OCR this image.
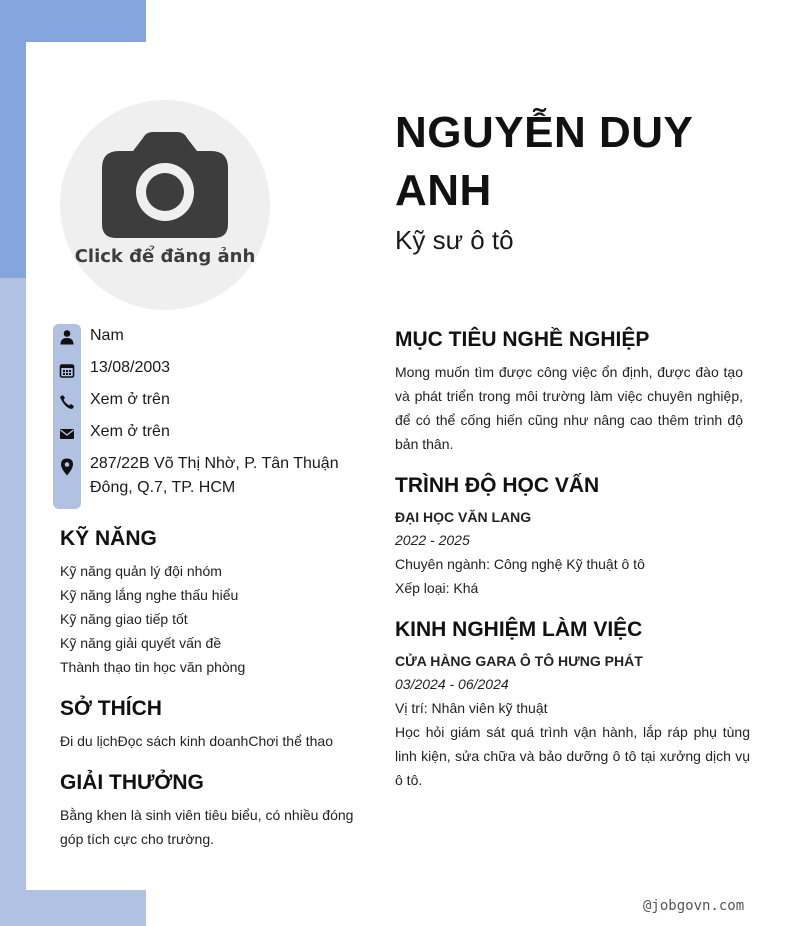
Click để đăng ảnh
NGUYỄN DUY ANH
Kỹ sư ô tô
Nam
13/08/2003
Xem ở trên
Xem ở trên
287/22B Võ Thị Nhờ, P. Tân Thuận Đông, Q.7, TP. HCM
KỸ NĂNG
Kỹ năng quản lý đội nhóm
Kỹ năng lắng nghe thấu hiểu
Kỹ năng giao tiếp tốt
Kỹ năng giải quyết vấn đề
Thành thạo tin học văn phòng
SỞ THÍCH
Đi du lịchĐọc sách kinh doanhChơi thể thao
GIẢI THƯỞNG
Bằng khen là sinh viên tiêu biểu, có nhiều đóng góp tích cực cho trường.
MỤC TIÊU NGHỀ NGHIỆP
Mong muốn tìm được công việc ổn định, được đào tạo và phát triển trong môi trường làm việc chuyên nghiệp, để có thể cống hiến cũng như nâng cao thêm trình độ bản thân.
TRÌNH ĐỘ HỌC VẤN
ĐẠI HỌC VĂN LANG
2022 - 2025
Chuyên ngành: Công nghệ Kỹ thuật ô tô
Xếp loại: Khá
KINH NGHIỆM LÀM VIỆC
CỬA HÀNG GARA Ô TÔ HƯNG PHÁT
03/2024 - 06/2024
Vị trí: Nhân viên kỹ thuật
Học hỏi giám sát quá trình vận hành, lắp ráp phụ tùng linh kiện, sửa chữa và bảo dưỡng ô tô tại xưởng dịch vụ ô tô.
@jobgovn.com
